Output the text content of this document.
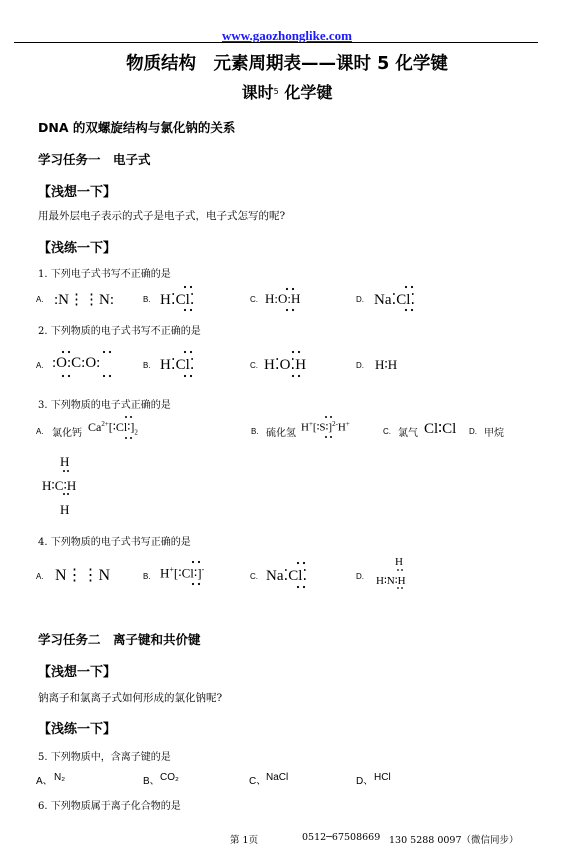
www.gaozhonglike.com
物质结构　元素周期表——课时 5 化学键
课时$^5$ 化学键
DNA 的双螺旋结构与氯化钠的关系
学习任务一　电子式
【浅想一下】
用最外层电子表示的式子是电子式，电子式怎写的呢?
【浅练一下】
1. 下列电子式书写不正确的是
A. :N⋮⋮N:	B. H⁚Cl⁚	C. H:O:H	D. Na⁚Cl⁚
2. 下列物质的电子式书写不正确的是
A. :O:C:O:	B. H⁚Cl⁚	C. H⁚O⁚H	D. H∶H
3. 下列物质的电子式正确的是
A. 氯化钙 $Ca^{2+}[∶Cl∶]_2$	B. 硫化氢 H+[∶S∶]$^{2-}$H+
C. 氯气 Cl∶Cl D. 甲烷
H
H∶C∶H
H
4. 下列物质的电子式书写正确的是
A. N⋮⋮N	B. H+[∶Cl∶]-
C. Na⁚Cl⁚	D.
H
H∶N∶H
学习任务二　离子键和共价键
【浅想一下】
钠离子和氯离子式如何形成的氯化钠呢?
【浅练一下】
5. 下列物质中，含离子键的是
A、 N₂	B、 CO₂	C、 NaCl	D、 HCl
6. 下列物质属于离子化合物的是
第 1页	0512─67508669 130 5288 0097（微信同步）
